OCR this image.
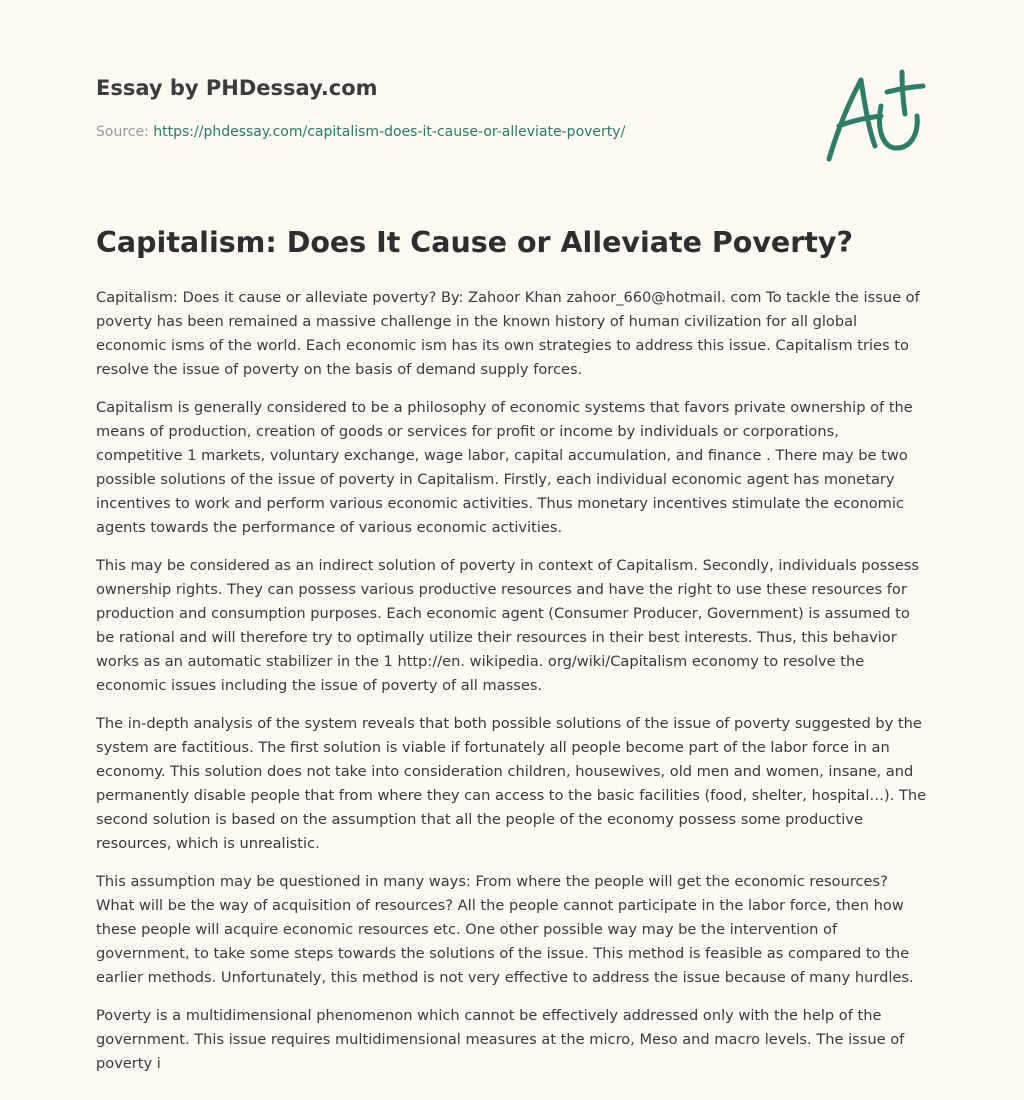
Essay by PHDessay.com
Source: https://phdessay.com/capitalism-does-it-cause-or-alleviate-poverty/
Capitalism: Does It Cause or Alleviate Poverty?

Capitalism: Does it cause or alleviate poverty? By: Zahoor Khan zahoor_660@hotmail. com To tackle the issue of poverty has been remained a massive challenge in the known history of human civilization for all global economic isms of the world. Each economic ism has its own strategies to address this issue. Capitalism tries to resolve the issue of poverty on the basis of demand supply forces.

Capitalism is generally considered to be a philosophy of economic systems that favors private ownership of the means of production, creation of goods or services for profit or income by individuals or corporations, competitive 1 markets, voluntary exchange, wage labor, capital accumulation, and finance . There may be two possible solutions of the issue of poverty in Capitalism. Firstly, each individual economic agent has monetary incentives to work and perform various economic activities. Thus monetary incentives stimulate the economic agents towards the performance of various economic activities.

This may be considered as an indirect solution of poverty in context of Capitalism. Secondly, individuals possess ownership rights. They can possess various productive resources and have the right to use these resources for production and consumption purposes. Each economic agent (Consumer Producer, Government) is assumed to be rational and will therefore try to optimally utilize their resources in their best interests. Thus, this behavior works as an automatic stabilizer in the 1 http://en. wikipedia. org/wiki/Capitalism economy to resolve the economic issues including the issue of poverty of all masses.

The in-depth analysis of the system reveals that both possible solutions of the issue of poverty suggested by the system are factitious. The first solution is viable if fortunately all people become part of the labor force in an economy. This solution does not take into consideration children, housewives, old men and women, insane, and permanently disable people that from where they can access to the basic facilities (food, shelter, hospital…). The second solution is based on the assumption that all the people of the economy possess some productive resources, which is unrealistic.

This assumption may be questioned in many ways: From where the people will get the economic resources? What will be the way of acquisition of resources? All the people cannot participate in the labor force, then how these people will acquire economic resources etc. One other possible way may be the intervention of government, to take some steps towards the solutions of the issue. This method is feasible as compared to the earlier methods. Unfortunately, this method is not very effective to address the issue because of many hurdles.

Poverty is a multidimensional phenomenon which cannot be effectively addressed only with the help of the government. This issue requires multidimensional measures at the micro, Meso and macro levels. The issue of poverty i
